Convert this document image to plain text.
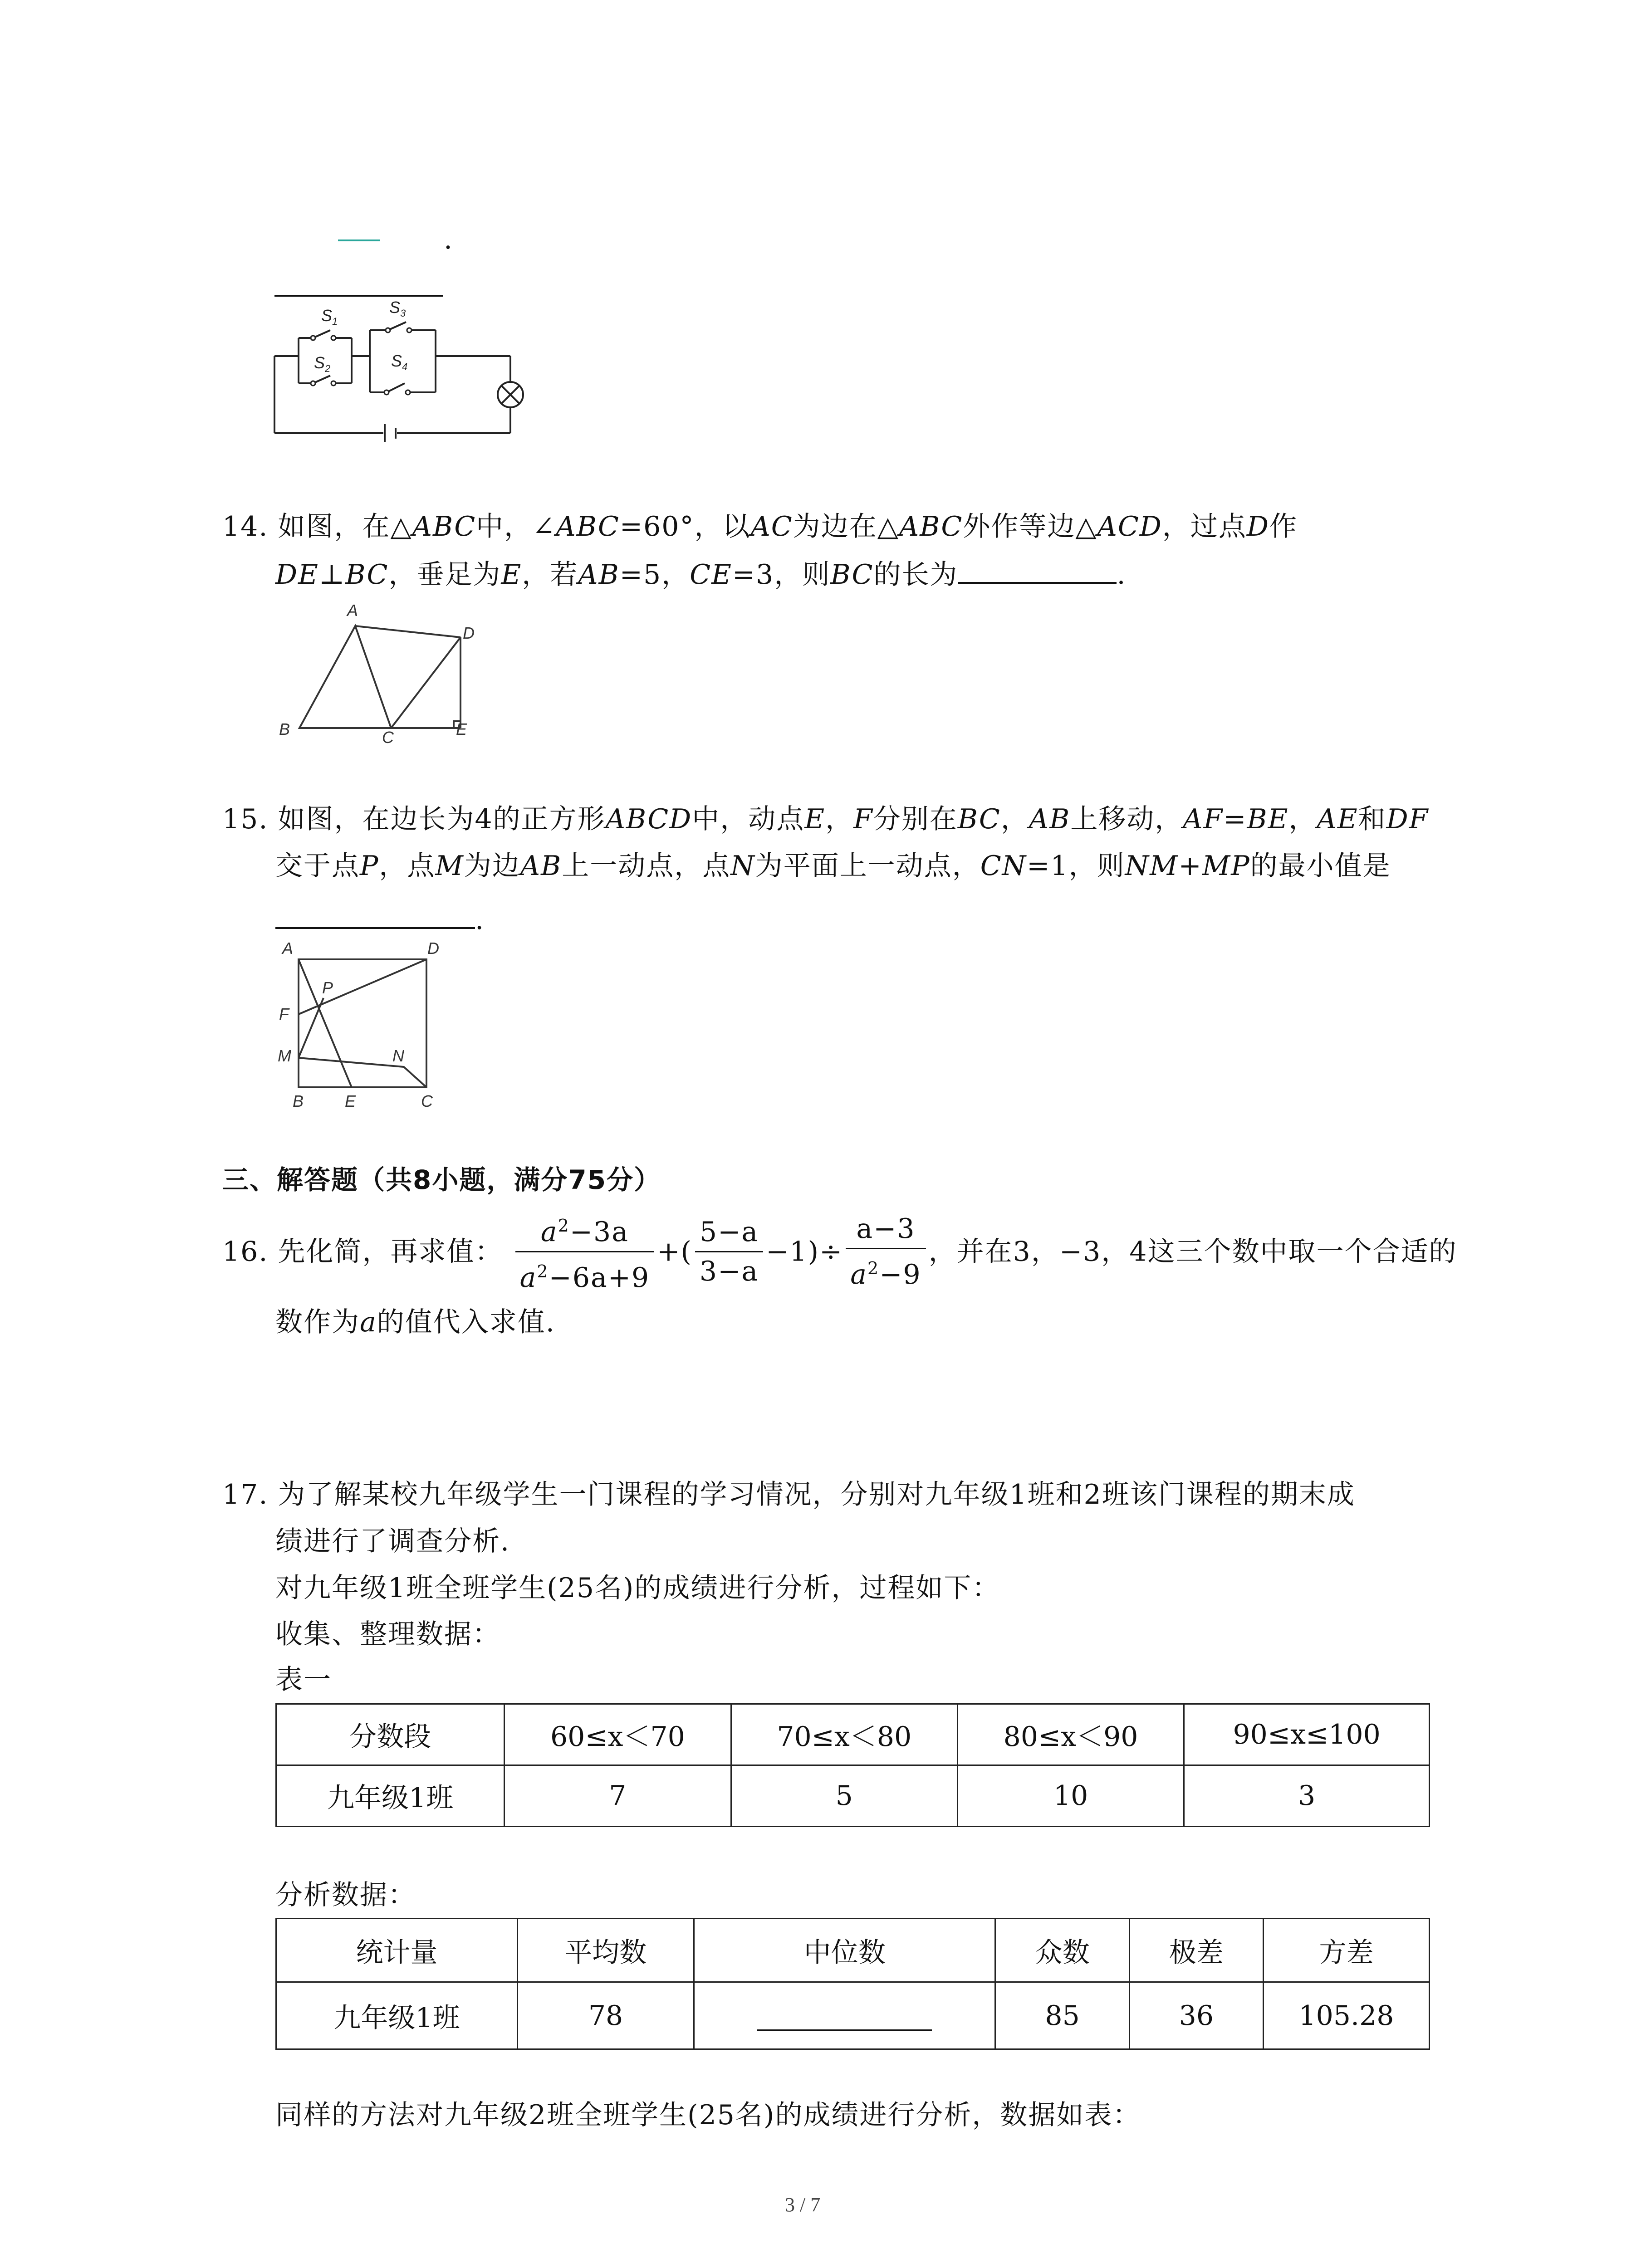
.
$S_1$
$S_2$
$S_3$
$S_4$
14. 如图，在△ABC中，∠ABC=60°，以AC为边在△ABC外作等边△ACD，过点D作
DE⊥BC，垂足为E，若AB=5，CE=3，则BC的长为	.
A
D
B	C	E
15. 如图，在边长为4的正方形ABCD中，动点E，F分别在BC，AB上移动，AF=BE，AE和DF
交于点P，点M为边AB上一动点，点N为平面上一动点，CN=1，则NM+MP的最小值是
.
A	D
P
F
M	N
B	E	C
三、解答题（共8小题，满分75分）
16. 先化简，再求值： $\frac{a^2-3a}{a^2-6a+9}$ +( $\frac{5-a}{3-a} -1)\div \frac{a-3}{a^2-9}$ ，并在3，−3，4这三个数中取一个合适的
数作为a的值代入求值.
17. 为了解某校九年级学生一门课程的学习情况，分别对九年级1班和2班该门课程的期末成
绩进行了调查分析.
对九年级1班全班学生(25名)的成绩进行分析，过程如下：
收集、整理数据：
表一
分数段	60≤x＜70	70≤x＜80	80≤x＜90	90≤x≤100
九年级1班	7	5	10	3
分析数据：
统计量	平均数	中位数	众数	极差	方差
九年级1班	78		85	36	105.28
同样的方法对九年级2班全班学生(25名)的成绩进行分析，数据如表：
3 / 7
